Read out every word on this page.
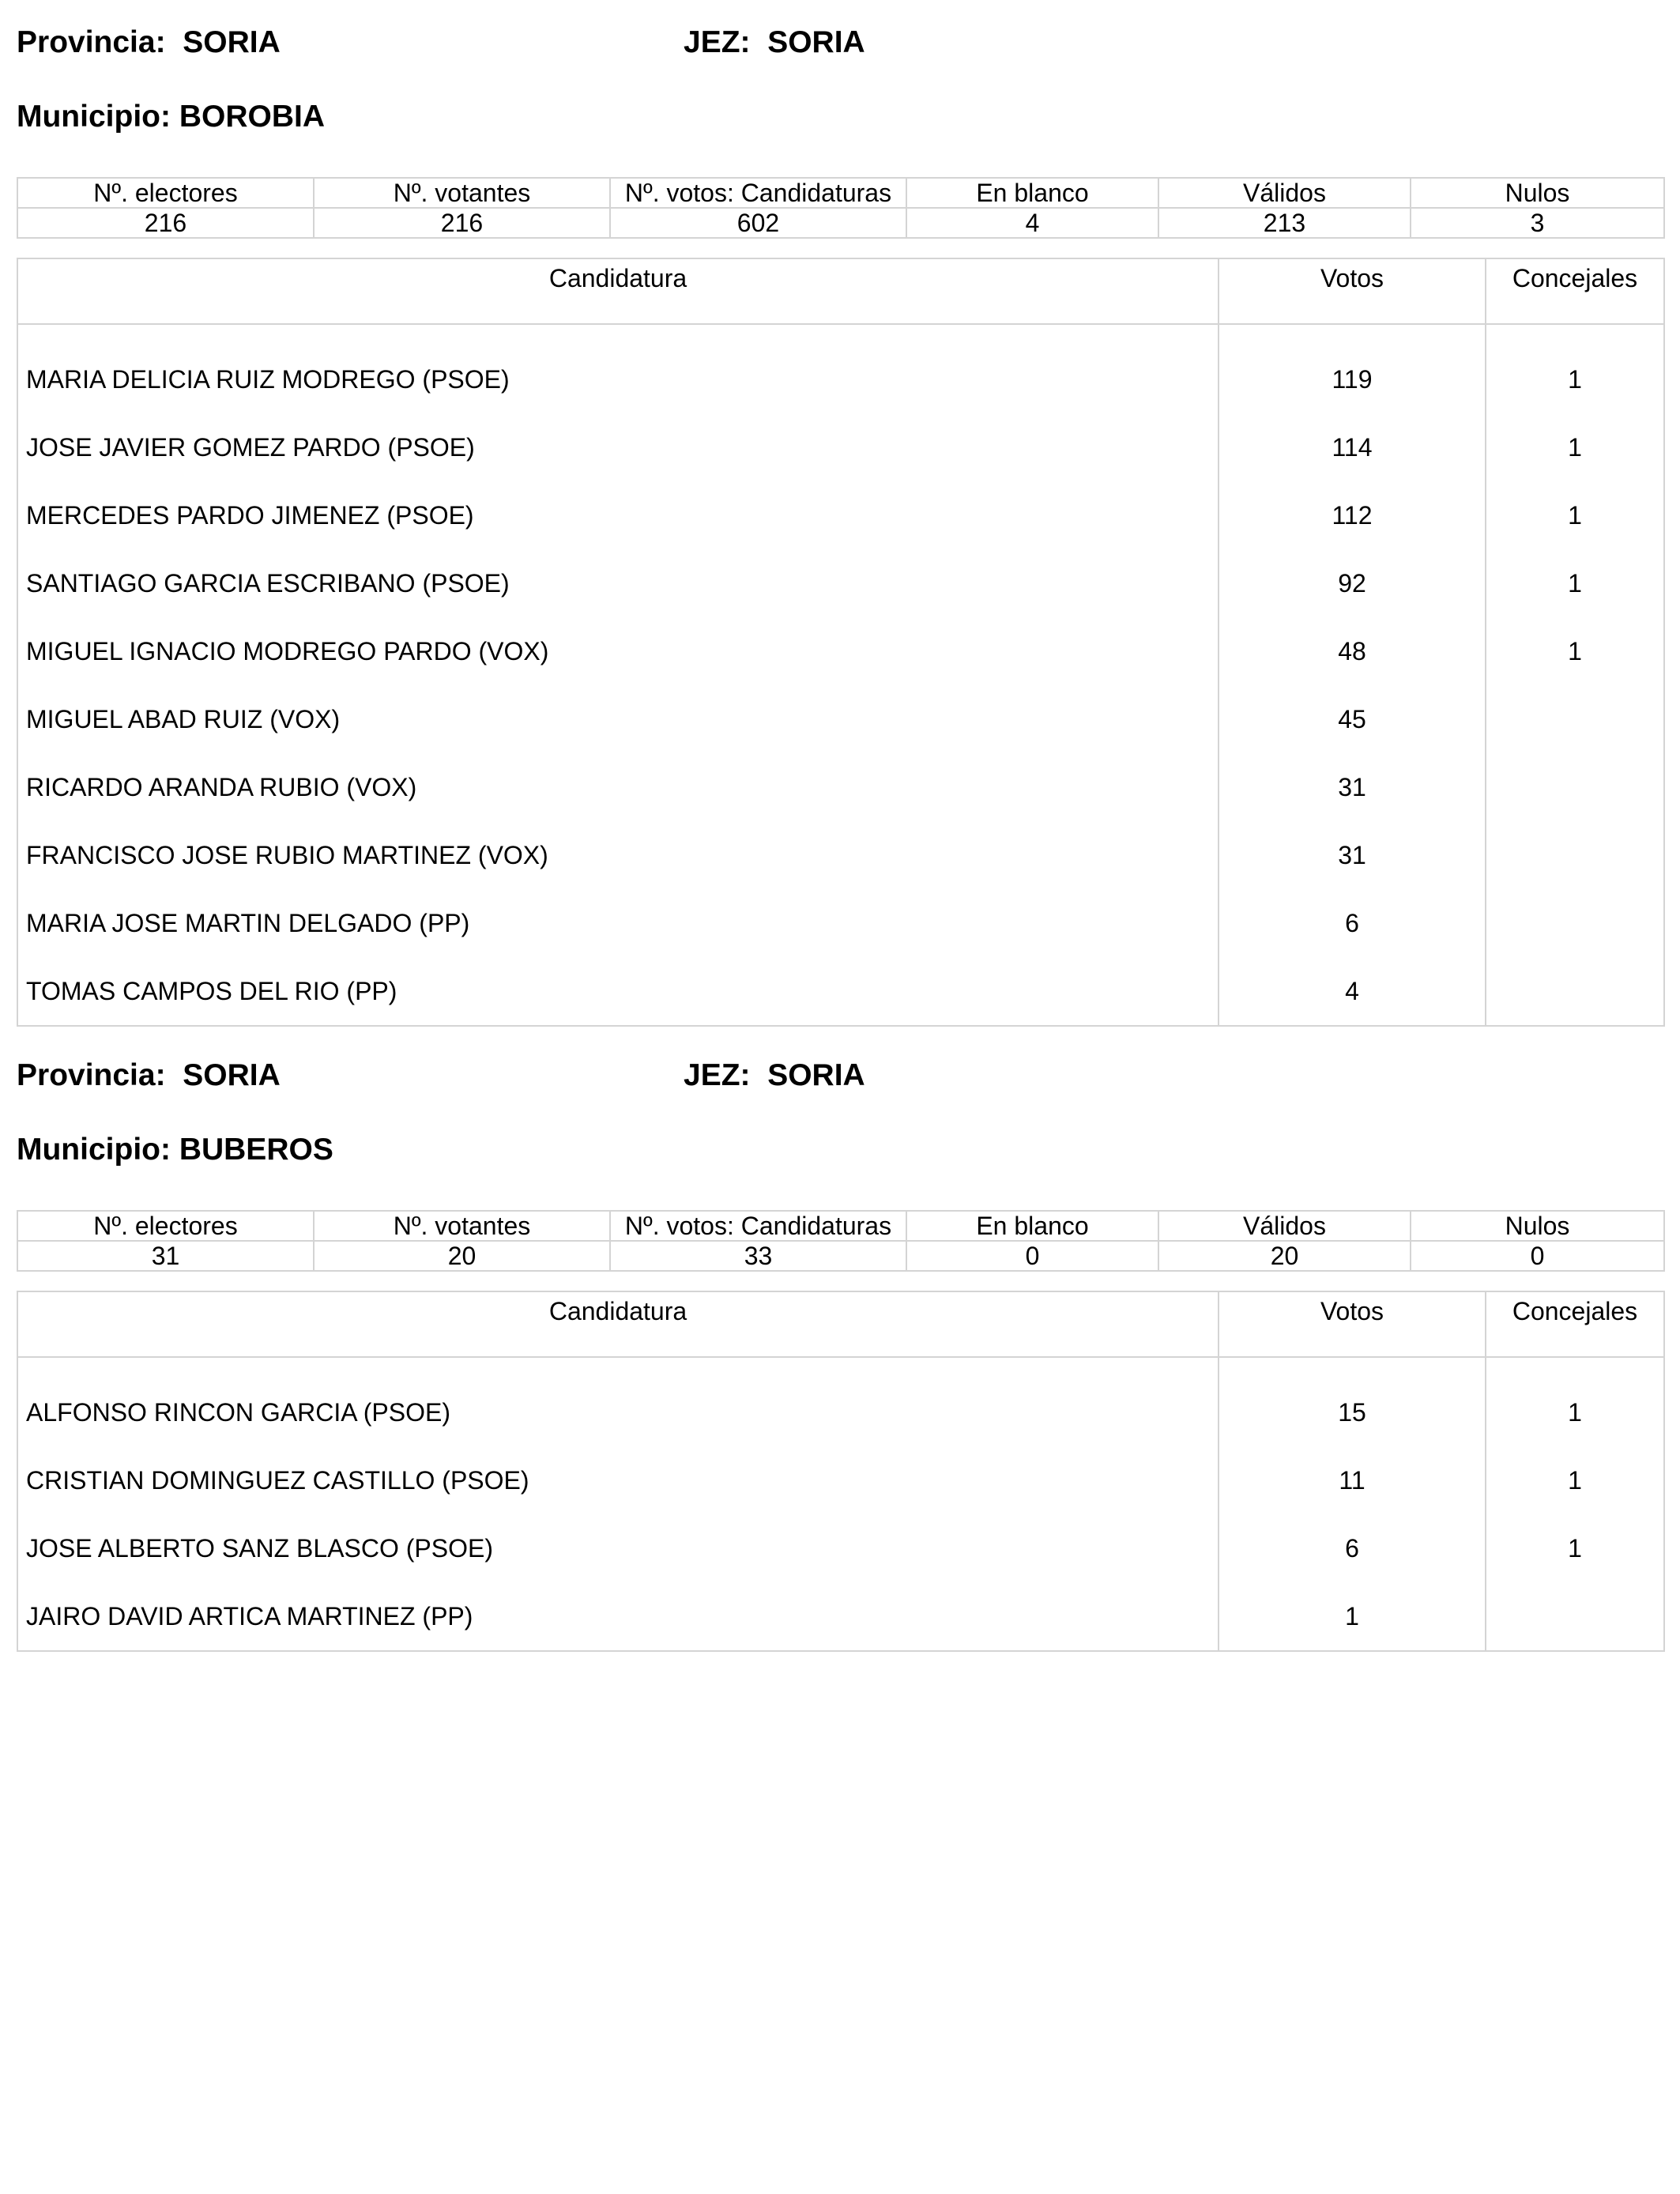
Provincia: SORIA	JEZ: SORIA
Municipio: BOROBIA
Nº. electores	Nº. votantes	Nº. votos: Candidaturas	En blanco	Válidos	Nulos
216	216	602	4	213	3
Candidatura	Votos	Concejales
MARIA DELICIA RUIZ MODREGO (PSOE)	119	1
JOSE JAVIER GOMEZ PARDO (PSOE)	114	1
MERCEDES PARDO JIMENEZ (PSOE)	112	1
SANTIAGO GARCIA ESCRIBANO (PSOE)	92	1
MIGUEL IGNACIO MODREGO PARDO (VOX)	48	1
MIGUEL ABAD RUIZ (VOX)	45	
RICARDO ARANDA RUBIO (VOX)	31	
FRANCISCO JOSE RUBIO MARTINEZ (VOX)	31	
MARIA JOSE MARTIN DELGADO (PP)	6	
TOMAS CAMPOS DEL RIO (PP)	4	
Provincia: SORIA	JEZ: SORIA
Municipio: BUBEROS
Nº. electores	Nº. votantes	Nº. votos: Candidaturas	En blanco	Válidos	Nulos
31	20	33	0	20	0
Candidatura	Votos	Concejales
ALFONSO RINCON GARCIA (PSOE)	15	1
CRISTIAN DOMINGUEZ CASTILLO (PSOE)	11	1
JOSE ALBERTO SANZ BLASCO (PSOE)	6	1
JAIRO DAVID ARTICA MARTINEZ (PP)	1	
